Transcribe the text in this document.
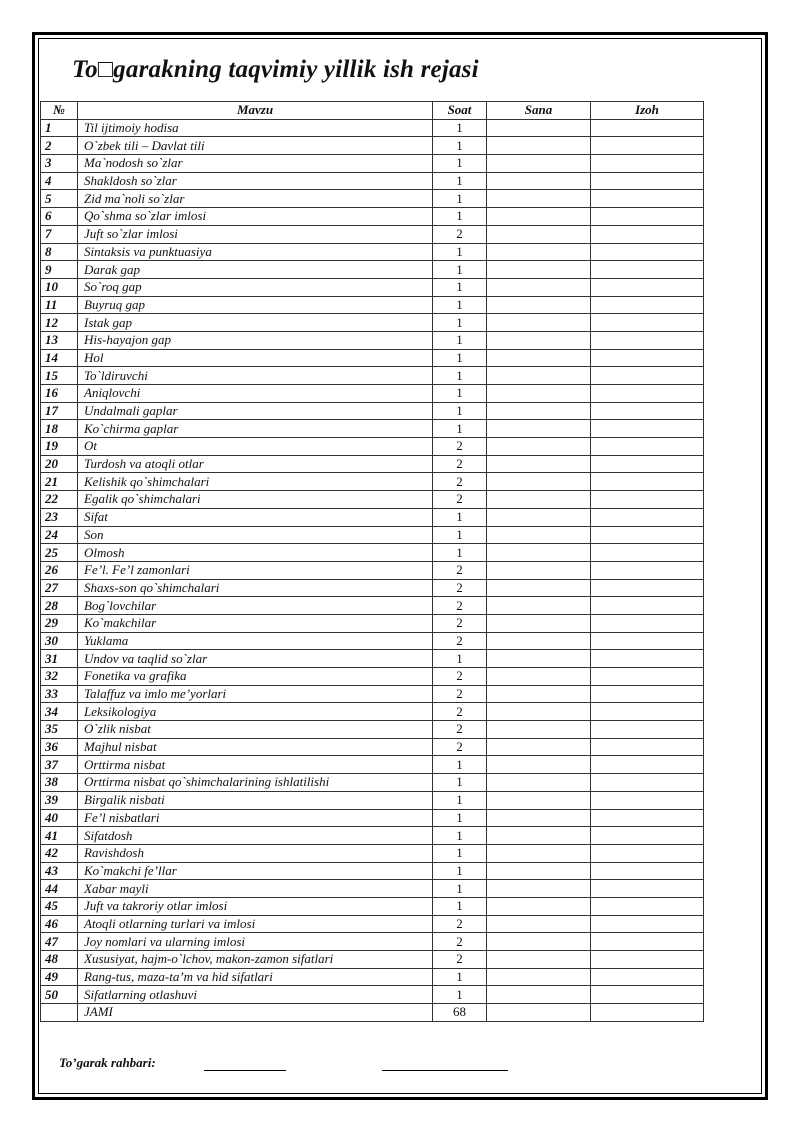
To□garakning taqvimiy yillik ish rejasi
№	Mavzu	Soat	Sana	Izoh
1	Til ijtimoiy hodisa	1		
2	O`zbek tili – Davlat tili	1		
3	Ma`nodosh so`zlar	1		
4	Shakldosh so`zlar	1		
5	Zid ma`noli so`zlar	1		
6	Qo`shma so`zlar imlosi	1		
7	Juft so`zlar imlosi	2		
8	Sintaksis va punktuasiya	1		
9	Darak gap	1		
10	So`roq gap	1		
11	Buyruq gap	1		
12	Istak gap	1		
13	His-hayajon gap	1		
14	Hol	1		
15	To`ldiruvchi	1		
16	Aniqlovchi	1		
17	Undalmali gaplar	1		
18	Ko`chirma gaplar	1		
19	Ot	2		
20	Turdosh va atoqli otlar	2		
21	Kelishik qo`shimchalari	2		
22	Egalik qo`shimchalari	2		
23	Sifat	1		
24	Son	1		
25	Olmosh	1		
26	Fe’l. Fe’l zamonlari	2		
27	Shaxs-son qo`shimchalari	2		
28	Bog`lovchilar	2		
29	Ko`makchilar	2		
30	Yuklama	2		
31	Undov va taqlid so`zlar	1		
32	Fonetika va grafika	2		
33	Talaffuz va imlo me’yorlari	2		
34	Leksikologiya	2		
35	O`zlik nisbat	2		
36	Majhul nisbat	2		
37	Orttirma nisbat	1		
38	Orttirma nisbat qo`shimchalarining ishlatilishi	1		
39	Birgalik nisbati	1		
40	Fe’l nisbatlari	1		
41	Sifatdosh	1		
42	Ravishdosh	1		
43	Ko`makchi fe’llar	1		
44	Xabar mayli	1		
45	Juft va takroriy otlar imlosi	1		
46	Atoqli otlarning turlari va imlosi	2		
47	Joy nomlari va ularning imlosi	2		
48	Xususiyat, hajm-o`lchov, makon-zamon sifatlari	2		
49	Rang-tus, maza-ta’m va hid sifatlari	1		
50	Sifatlarning otlashuvi	1		
	JAMI	68		
To’garak rahbari:
